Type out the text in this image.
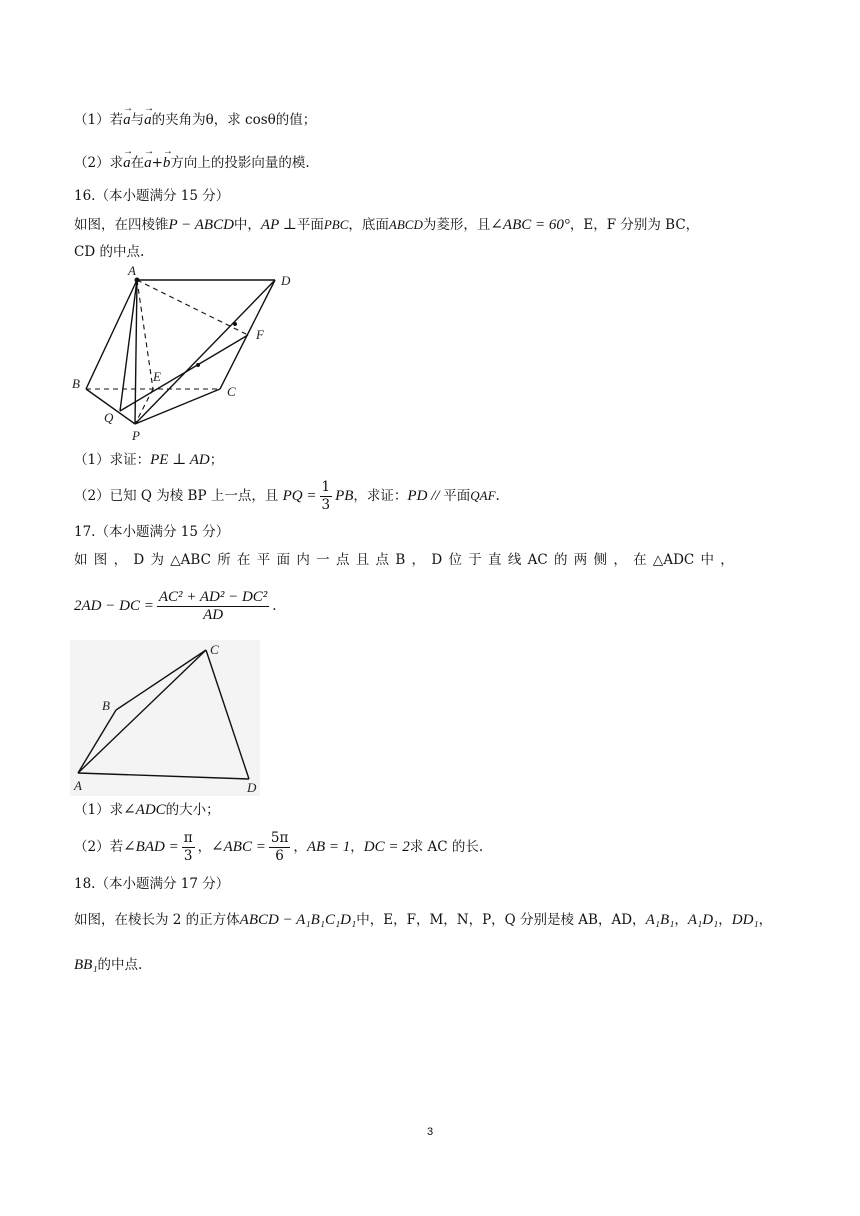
（1）若→ a与→ a的夹角为θ，求 cosθ的值；
（2）求→ a在→ a+→ b方向上的投影向量的模.
16.（本小题满分 15 分）
如图，在四棱锥P − ABCD中，AP ⊥平面PBC，底面ABCD为菱形，且∠ABC = 60°，E，F 分别为 BC，
CD 的中点.
A
D
F
B	E
C
Q
P
（1）求证：PE ⊥ AD；
（2）已知 Q 为棱 BP 上一点，且 PQ = $\frac{1}{3}$ PB，求证：PD // 平面QAF.
17.（本小题满分 15 分）
如 图 ， D 为 △ABC 所 在 平 面 内 一 点 且 点 B ， D 位 于 直 线 AC 的 两 侧 ， 在 △ADC 中 ，
2AD − DC = $\frac{\text{AC² + AD² − DC²}}{AD}$ .
A
B
C
D
（1）求∠ADC的大小；
（2）若∠BAD = $\frac{\pi}{3}$ ，∠ABC = $\frac{5\pi}{6}$ ，AB = 1，DC = 2求 AC 的长.
18.（本小题满分 17 分）
如图，在棱长为 2 的正方体ABCD − A₁B₁C₁D₁中，E，F，M，N，P，Q 分别是棱 AB，AD，A₁B₁，A₁D₁，DD₁，
BB₁的中点.
3
